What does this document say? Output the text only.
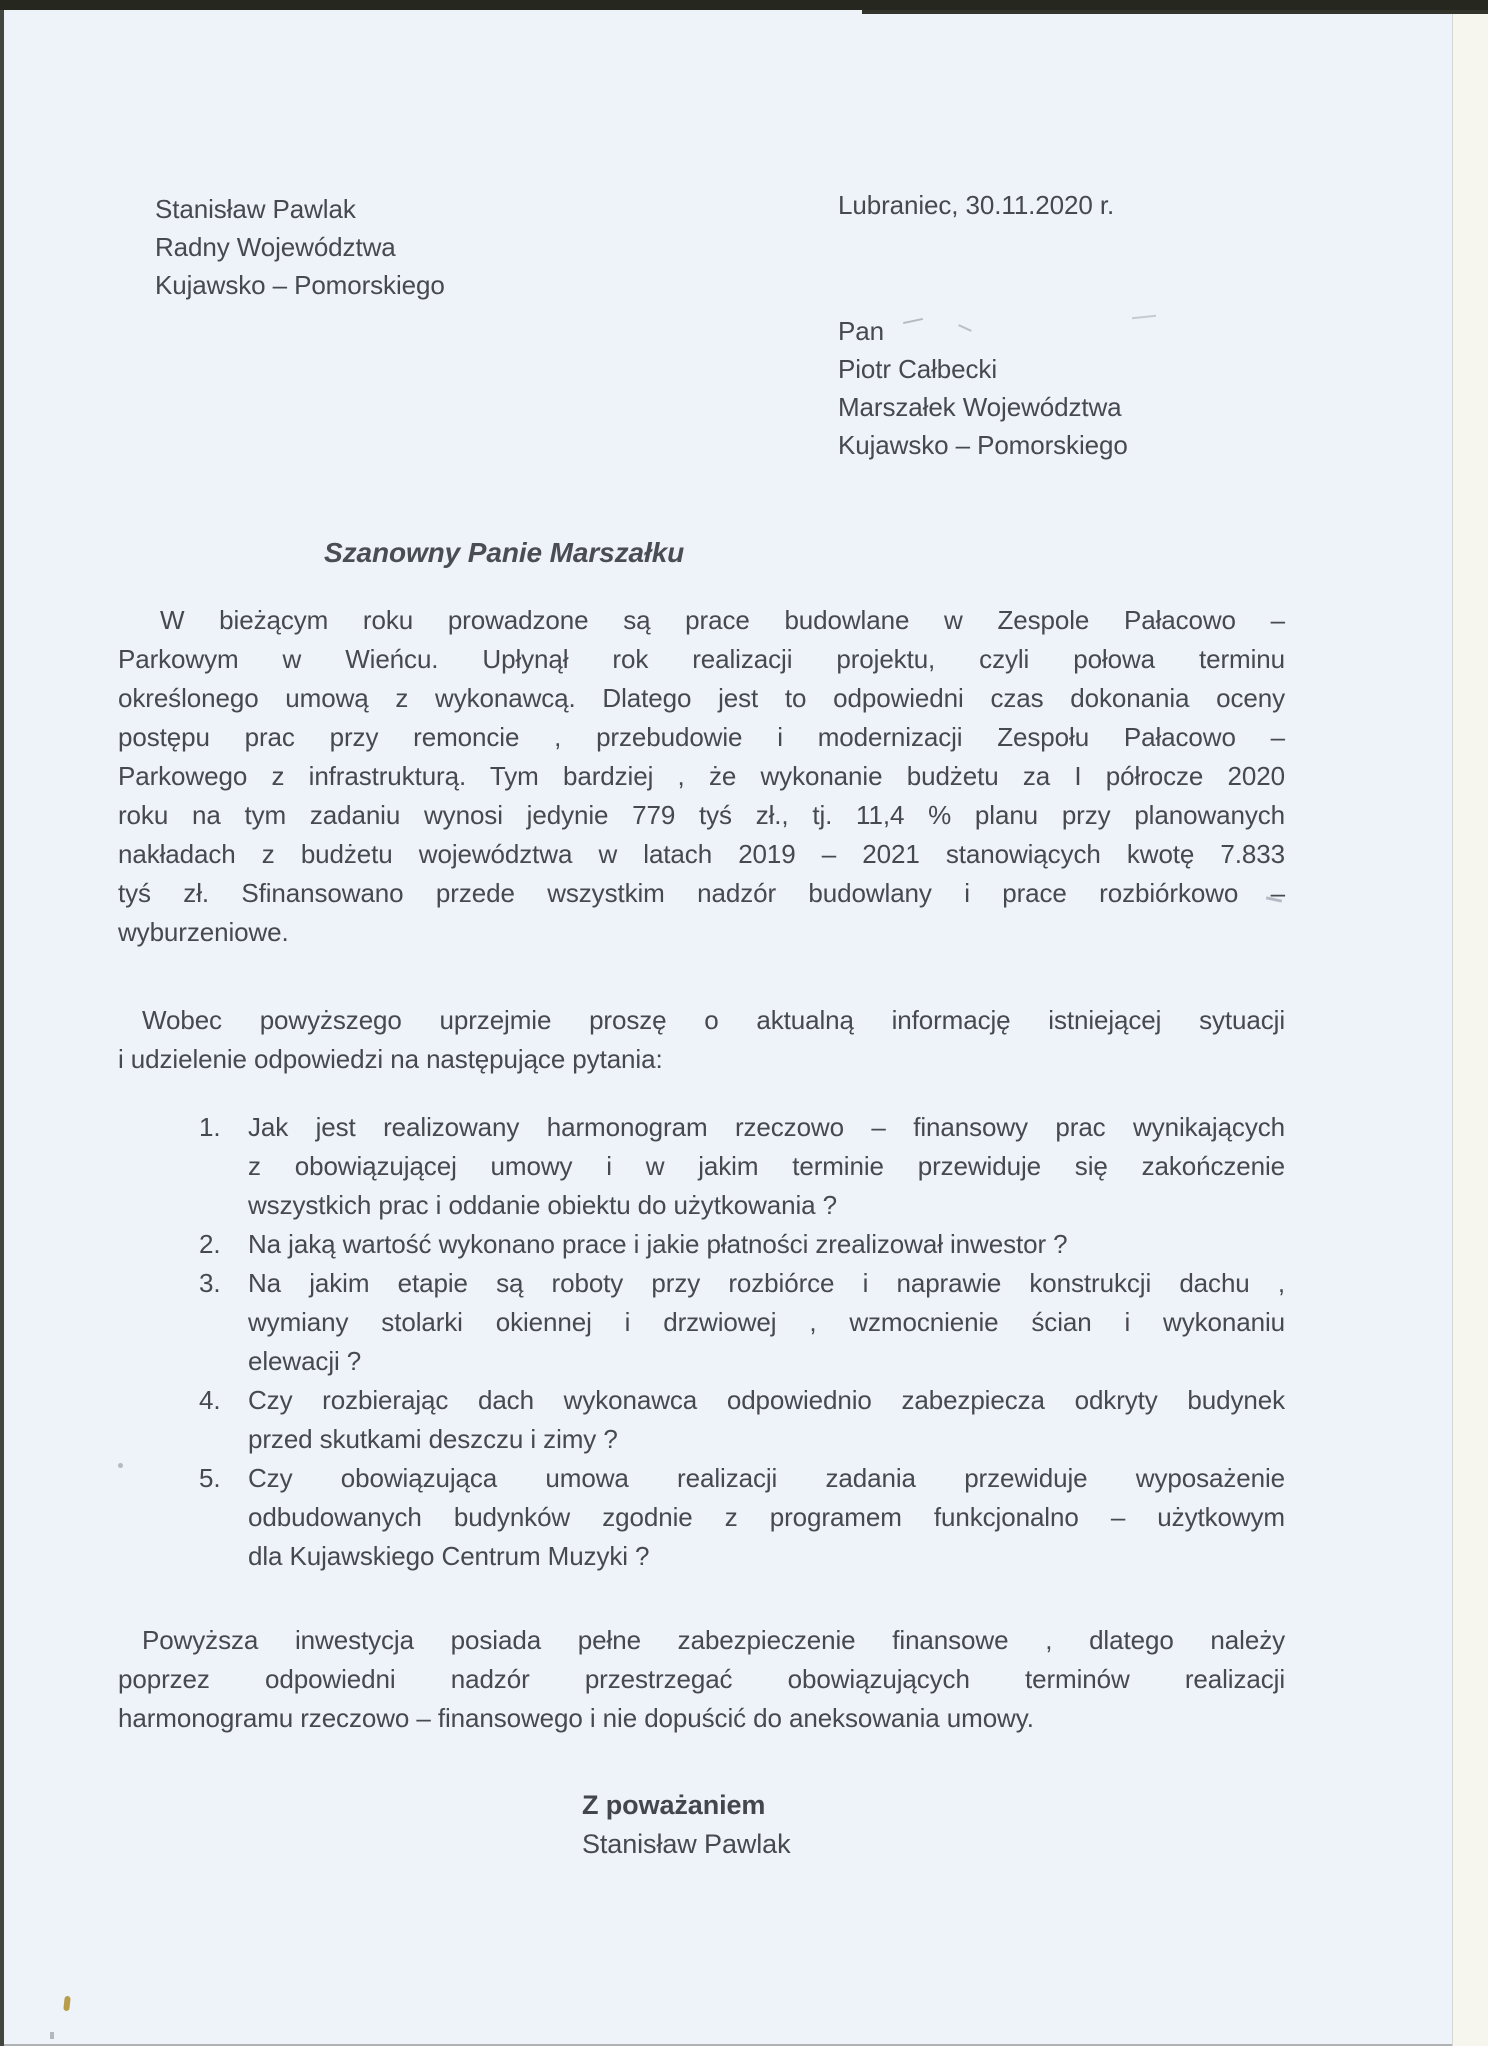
Stanisław Pawlak
Radny Województwa
Kujawsko – Pomorskiego
Lubraniec, 30.11.2020 r.
Pan
Piotr Całbecki
Marszałek Województwa
Kujawsko – Pomorskiego
Szanowny Panie Marszałku
W bieżącym roku prowadzone są prace budowlane w Zespole Pałacowo –
Parkowym w Wieńcu. Upłynął rok realizacji projektu, czyli połowa terminu
określonego umową z wykonawcą. Dlatego jest to odpowiedni czas dokonania oceny
postępu prac przy remoncie , przebudowie i modernizacji Zespołu Pałacowo –
Parkowego z infrastrukturą. Tym bardziej , że wykonanie budżetu za I półrocze 2020
roku na tym zadaniu wynosi jedynie 779 tyś zł., tj. 11,4 % planu przy planowanych
nakładach z budżetu województwa w latach 2019 – 2021 stanowiących kwotę 7.833
tyś zł. Sfinansowano przede wszystkim nadzór budowlany i prace rozbiórkowo –
wyburzeniowe.
Wobec powyższego uprzejmie proszę o aktualną informację istniejącej sytuacji
i udzielenie odpowiedzi na następujące pytania:
1. Jak jest realizowany harmonogram rzeczowo – finansowy prac wynikających
z obowiązującej umowy i w jakim terminie przewiduje się zakończenie
wszystkich prac i oddanie obiektu do użytkowania ?
2. Na jaką wartość wykonano prace i jakie płatności zrealizował inwestor ?
3. Na jakim etapie są roboty przy rozbiórce i naprawie konstrukcji dachu ,
wymiany stolarki okiennej i drzwiowej , wzmocnienie ścian i wykonaniu
elewacji ?
4. Czy rozbierając dach wykonawca odpowiednio zabezpiecza odkryty budynek
przed skutkami deszczu i zimy ?
5. Czy obowiązująca umowa realizacji zadania przewiduje wyposażenie
odbudowanych budynków zgodnie z programem funkcjonalno – użytkowym
dla Kujawskiego Centrum Muzyki ?
Powyższa inwestycja posiada pełne zabezpieczenie finansowe , dlatego należy
poprzez odpowiedni nadzór przestrzegać obowiązujących terminów realizacji
harmonogramu rzeczowo – finansowego i nie dopuścić do aneksowania umowy.
Z poważaniem
Stanisław Pawlak
